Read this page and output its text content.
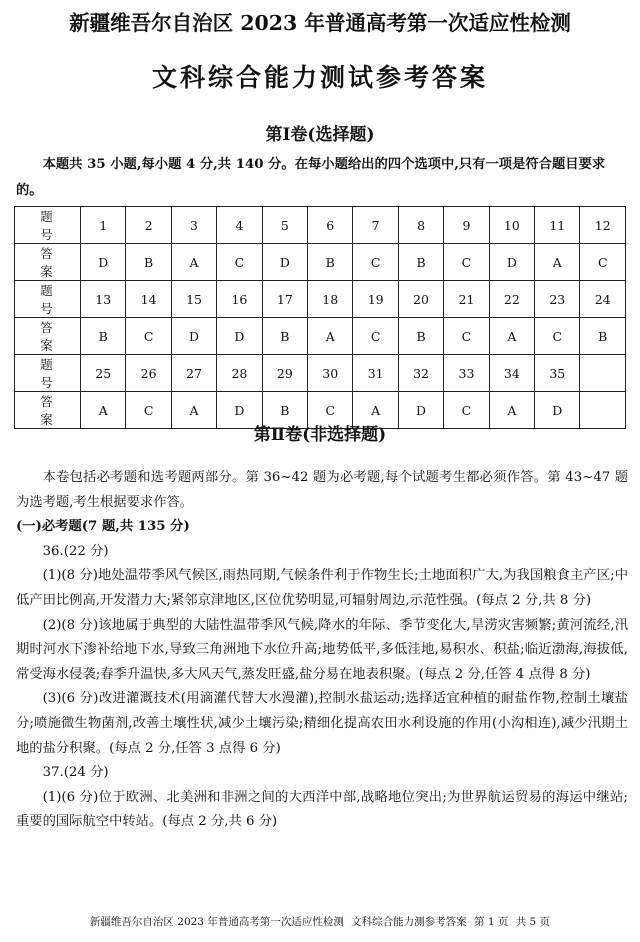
新疆维吾尔自治区 2023 年普通高考第一次适应性检测
文科综合能力测试参考答案
第Ⅰ卷(选择题)

本题共 35 小题,每小题 4 分,共 140 分。在每小题给出的四个选项中,只有一项是符合题目要求的。

题 号	1	2	3	4	5	6	7	8	9	10	11	12
答 案	D	B	A	C	D	B	C	B	C	D	A	C
题 号	13	14	15	16	17	18	19	20	21	22	23	24
答 案	B	C	D	D	B	A	C	B	C	A	C	B
题 号	25	26	27	28	29	30	31	32	33	34	35	
答 案	A	C	A	D	B	C	A	D	C	A	D	
第Ⅱ卷(非选择题)

本卷包括必考题和选考题两部分。第 36~42 题为必考题,每个试题考生都必须作答。第 43~47 题为选考题,考生根据要求作答。

(一)必考题(7 题,共 135 分)

36.(22 分)

(1)(8 分)地处温带季风气候区,雨热同期,气候条件利于作物生长;土地面积广大,为我国粮食主产区;中低产田比例高,开发潜力大;紧邻京津地区,区位优势明显,可辐射周边,示范性强。(每点 2 分,共 8 分)

(2)(8 分)该地属于典型的大陆性温带季风气候,降水的年际、季节变化大,旱涝灾害频繁;黄河流经,汛期时河水下渗补给地下水,导致三角洲地下水位升高;地势低平,多低洼地,易积水、积盐;临近渤海,海拔低,常受海水侵袭;春季升温快,多大风天气,蒸发旺盛,盐分易在地表积聚。(每点 2 分,任答 4 点得 8 分)

(3)(6 分)改进灌溉技术(用滴灌代替大水漫灌),控制水盐运动;选择适宜种植的耐盐作物,控制土壤盐分;喷施微生物菌剂,改善土壤性状,减少土壤污染;精细化提高农田水利设施的作用(小沟相连),减少汛期土地的盐分积聚。(每点 2 分,任答 3 点得 6 分)

37.(24 分)

(1)(6 分)位于欧洲、北美洲和非洲之间的大西洋中部,战略地位突出;为世界航运贸易的海运中继站;重要的国际航空中转站。(每点 2 分,共 6 分)

新疆维吾尔自治区 2023 年普通高考第一次适应性检测 文科综合能力测参考答案 第 1 页 共 5 页
